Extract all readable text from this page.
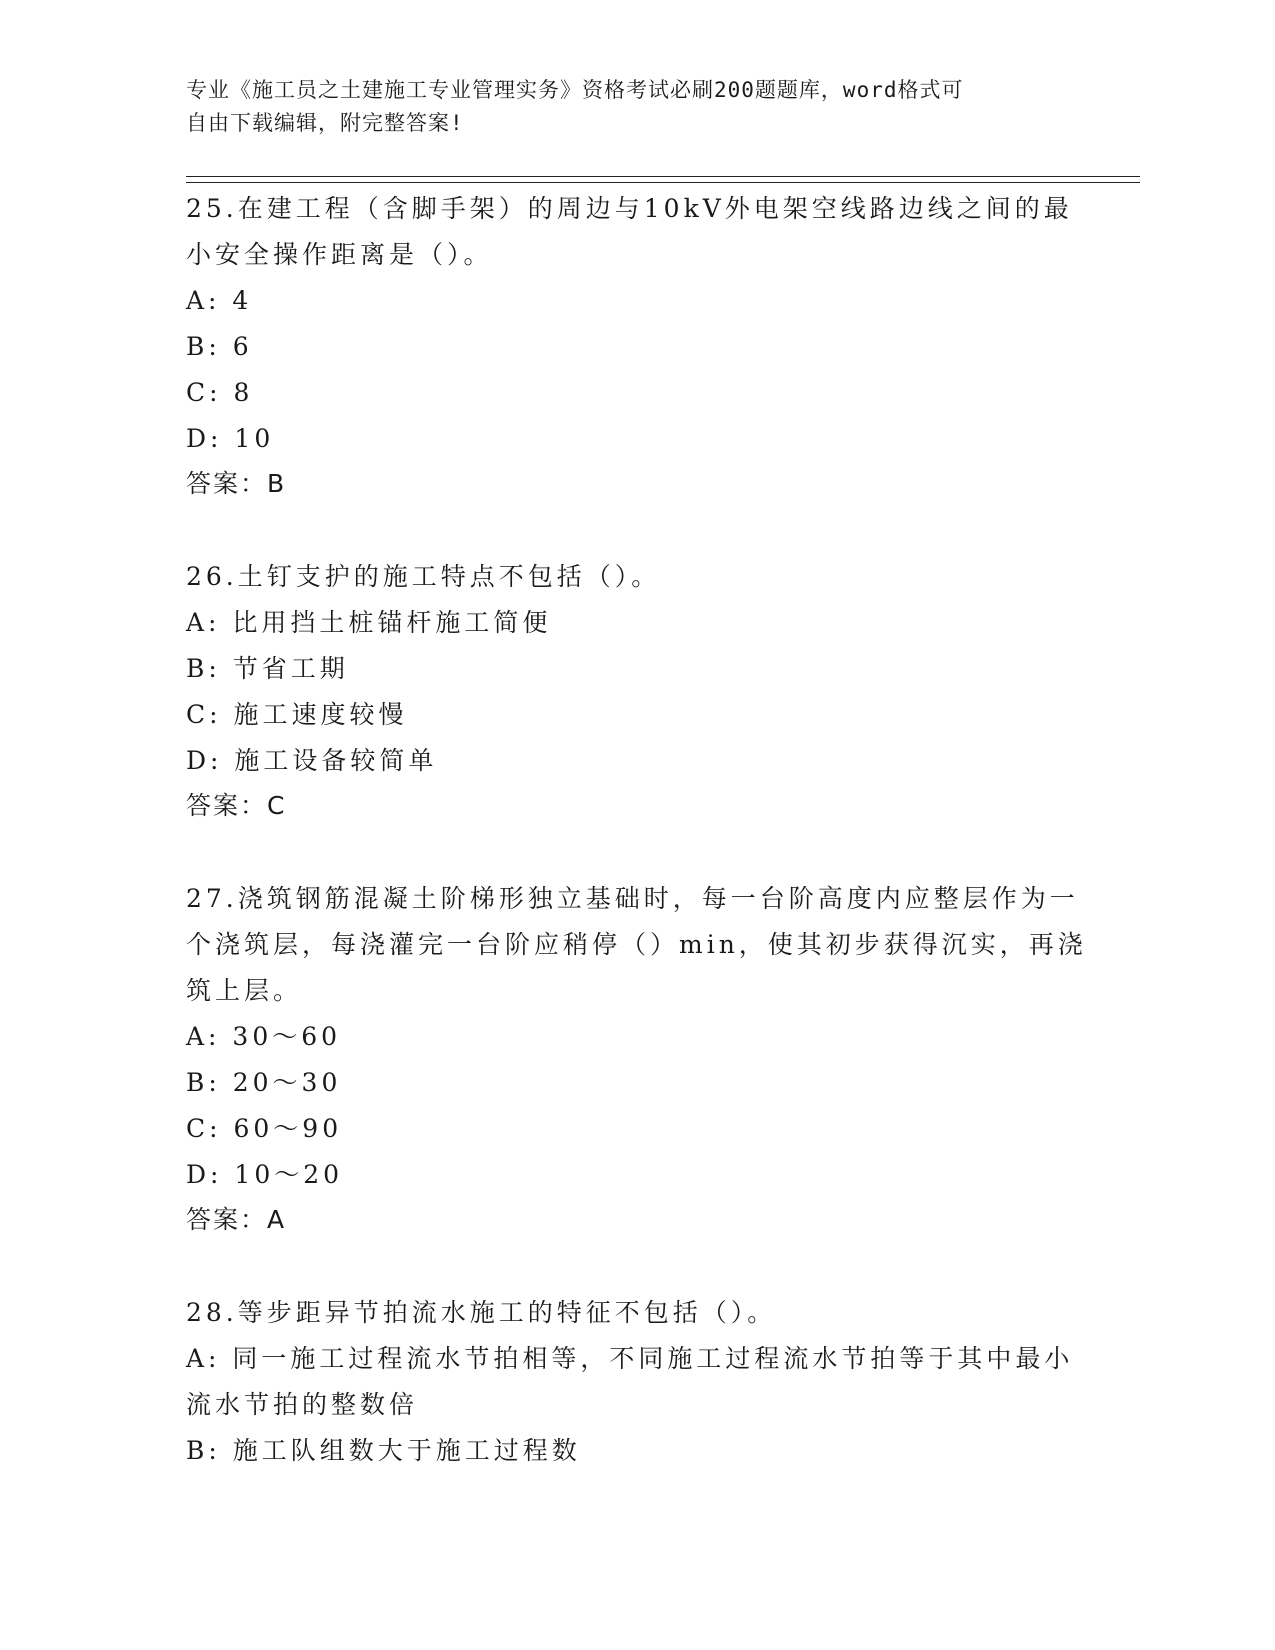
专业《施工员之土建施工专业管理实务》资格考试必刷200题题库，word格式可
自由下载编辑，附完整答案!

25.在建工程（含脚手架）的周边与10kV外电架空线路边线之间的最

小安全操作距离是（）。

A: 4

B: 6

C: 8

D: 10

答案：B

26.土钉支护的施工特点不包括（）。

A: 比用挡土桩锚杆施工简便

B: 节省工期

C: 施工速度较慢

D: 施工设备较简单

答案：C

27.浇筑钢筋混凝土阶梯形独立基础时，每一台阶高度内应整层作为一

个浇筑层，每浇灌完一台阶应稍停（）min，使其初步获得沉实，再浇

筑上层。

A: 30～60

B: 20～30

C: 60～90

D: 10～20

答案：A

28.等步距异节拍流水施工的特征不包括（）。

A: 同一施工过程流水节拍相等，不同施工过程流水节拍等于其中最小

流水节拍的整数倍

B: 施工队组数大于施工过程数
